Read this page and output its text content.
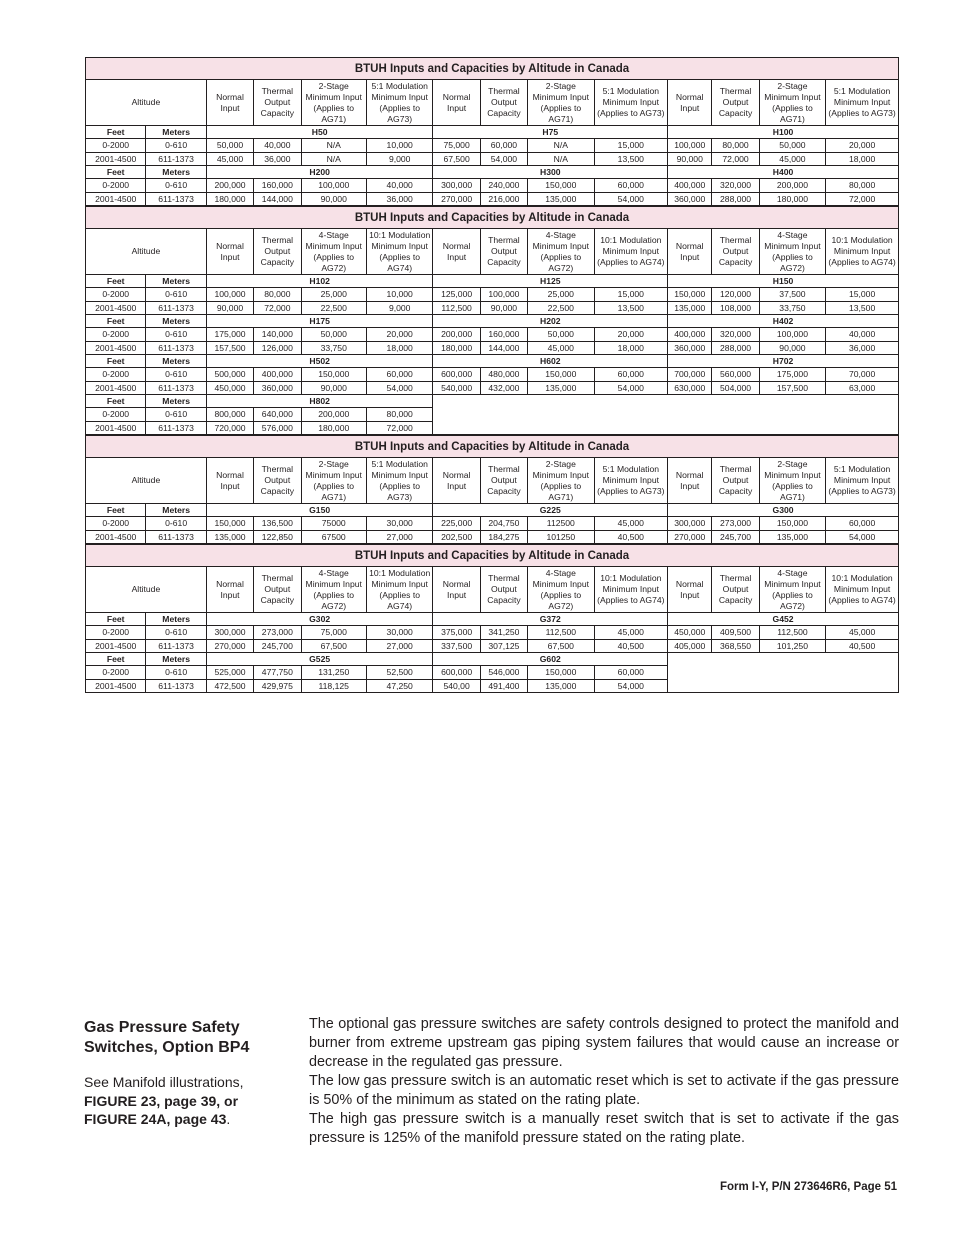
BTUH Inputs and Capacities by Altitude in Canada													
Altitude		Normal Input	Thermal Output Capacity	2-Stage Minimum Input (Applies to AG71)	5:1 Modulation Minimum Input (Applies to AG73)	Normal Input	Thermal Output Capacity	2-Stage Minimum Input (Applies to AG71)	5:1 Modulation Minimum Input (Applies to AG73)	Normal Input	Thermal Output Capacity	2-Stage Minimum Input (Applies to AG71)	5:1 Modulation Minimum Input (Applies to AG73)
Feet	Meters	H50				H75				H100			
0-2000	0-610	50,000	40,000	N/A	10,000	75,000	60,000	N/A	15,000	100,000	80,000	50,000	20,000
2001-4500	611-1373	45,000	36,000	N/A	9,000	67,500	54,000	N/A	13,500	90,000	72,000	45,000	18,000
Feet	Meters	H200				H300				H400			
0-2000	0-610	200,000	160,000	100,000	40,000	300,000	240,000	150,000	60,000	400,000	320,000	200,000	80,000
2001-4500	611-1373	180,000	144,000	90,000	36,000	270,000	216,000	135,000	54,000	360,000	288,000	180,000	72,000
BTUH Inputs and Capacities by Altitude in Canada													
Altitude		Normal Input	Thermal Output Capacity	4-Stage Minimum Input (Applies to AG72)	10:1 Modulation Minimum Input (Applies to AG74)	Normal Input	Thermal Output Capacity	4-Stage Minimum Input (Applies to AG72)	10:1 Modulation Minimum Input (Applies to AG74)	Normal Input	Thermal Output Capacity	4-Stage Minimum Input (Applies to AG72)	10:1 Modulation Minimum Input (Applies to AG74)
Feet	Meters	H102				H125				H150			
0-2000	0-610	100,000	80,000	25,000	10,000	125,000	100,000	25,000	15,000	150,000	120,000	37,500	15,000
2001-4500	611-1373	90,000	72,000	22,500	9,000	112,500	90,000	22,500	13,500	135,000	108,000	33,750	13,500
Feet	Meters	H175				H202				H402			
0-2000	0-610	175,000	140,000	50,000	20,000	200,000	160,000	50,000	20,000	400,000	320,000	100,000	40,000
2001-4500	611-1373	157,500	126,000	33,750	18,000	180,000	144,000	45,000	18,000	360,000	288,000	90,000	36,000
Feet	Meters	H502				H602				H702			
0-2000	0-610	500,000	400,000	150,000	60,000	600,000	480,000	150,000	60,000	700,000	560,000	175,000	70,000
2001-4500	611-1373	450,000	360,000	90,000	54,000	540,000	432,000	135,000	54,000	630,000	504,000	157,500	63,000
Feet	Meters	H802											
0-2000	0-610	800,000	640,000	200,000	80,000								
2001-4500	611-1373	720,000	576,000	180,000	72,000								
BTUH Inputs and Capacities by Altitude in Canada													
Altitude		Normal Input	Thermal Output Capacity	2-Stage Minimum Input (Applies to AG71)	5:1 Modulation Minimum Input (Applies to AG73)	Normal Input	Thermal Output Capacity	2-Stage Minimum Input (Applies to AG71)	5:1 Modulation Minimum Input (Applies to AG73)	Normal Input	Thermal Output Capacity	2-Stage Minimum Input (Applies to AG71)	5:1 Modulation Minimum Input (Applies to AG73)
Feet	Meters	G150				G225				G300			
0-2000	0-610	150,000	136,500	75000	30,000	225,000	204,750	112500	45,000	300,000	273,000	150,000	60,000
2001-4500	611-1373	135,000	122,850	67500	27,000	202,500	184,275	101250	40,500	270,000	245,700	135,000	54,000
BTUH Inputs and Capacities by Altitude in Canada													
Altitude		Normal Input	Thermal Output Capacity	4-Stage Minimum Input (Applies to AG72)	10:1 Modulation Minimum Input (Applies to AG74)	Normal Input	Thermal Output Capacity	4-Stage Minimum Input (Applies to AG72)	10:1 Modulation Minimum Input (Applies to AG74)	Normal Input	Thermal Output Capacity	4-Stage Minimum Input (Applies to AG72)	10:1 Modulation Minimum Input (Applies to AG74)
Feet	Meters	G302				G372				G452			
0-2000	0-610	300,000	273,000	75,000	30,000	375,000	341,250	112,500	45,000	450,000	409,500	112,500	45,000
2001-4500	611-1373	270,000	245,700	67,500	27,000	337,500	307,125	67,500	40,500	405,000	368,550	101,250	40,500
Feet	Meters	G525				G602							
0-2000	0-610	525,000	477,750	131,250	52,500	600,000	546,000	150,000	60,000				
2001-4500	611-1373	472,500	429,975	118,125	47,250	540,00	491,400	135,000	54,000				
Gas Pressure Safety Switches, Option BP4
See Manifold illustrations, FIGURE 23, page 39, or FIGURE 24A, page 43.

The optional gas pressure switches are safety controls designed to protect the manifold and burner from extreme upstream gas piping system failures that would cause an increase or decrease in the regulated gas pressure.

The low gas pressure switch is an automatic reset which is set to activate if the gas pressure is 50% of the minimum as stated on the rating plate.

The high gas pressure switch is a manually reset switch that is set to activate if the gas pressure is 125% of the manifold pressure stated on the rating plate.

Form I-Y, P/N 273646R6, Page 51
